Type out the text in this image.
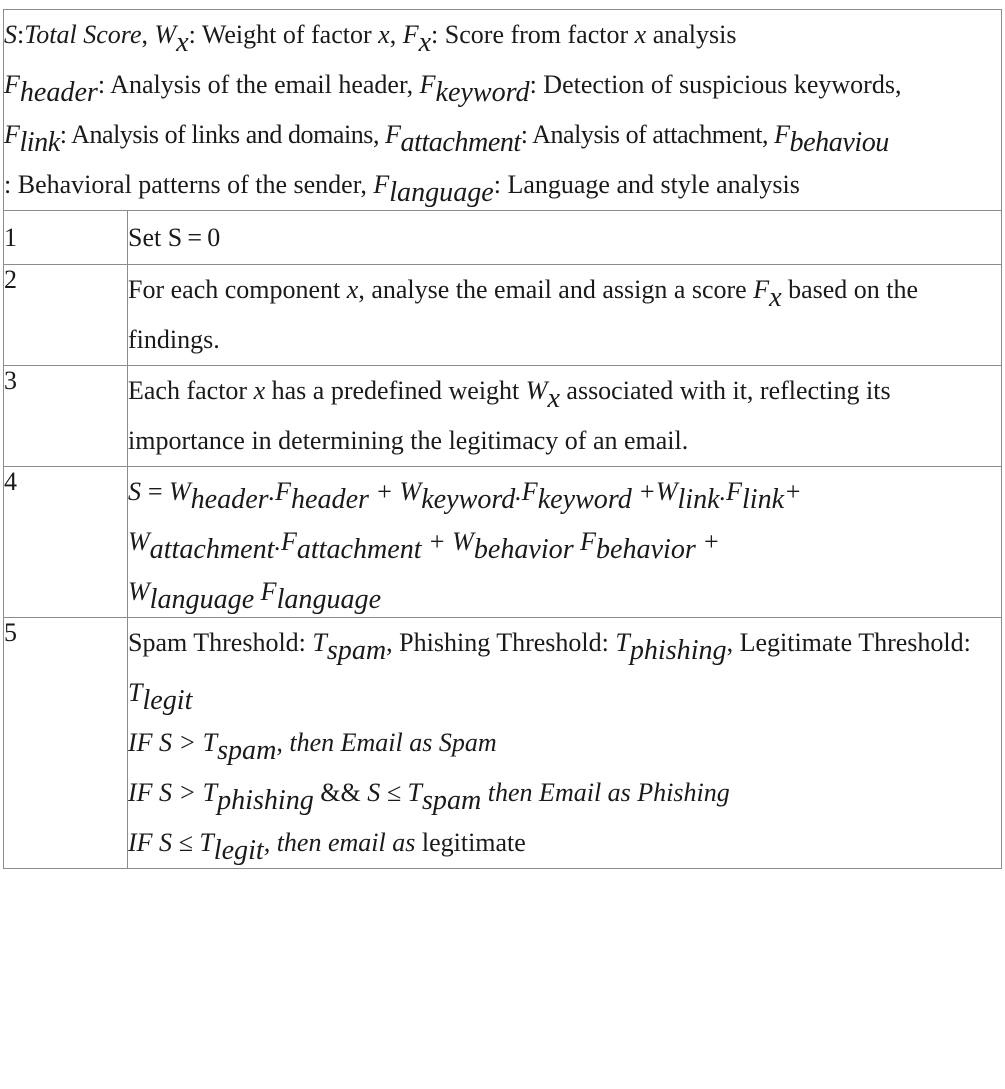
S:Total Score, $W_x$: Weight of factor x, $F_x$: Score from factor x analysis
$F_{header}$: Analysis of the email header, $F_{keyword}$: Detection of suspicious keywords,
$F_{link}$: Analysis of links and domains, $F_{attachment}$: Analysis of attachment, $F_{behaviou}$
: Behavioral patterns of the sender, $F_{language}$: Language and style analysis	
1	Set S = 0
2	For each component x, analyse the email and assign a score $F_x$ based on the findings.
3	Each factor x has a predefined weight $W_x$ associated with it, reflecting its importance in determining the legitimacy of an email.
4	$S = W_{header}.F_{header} + W_{keyword}.F_{keyword} +W_{link}.F_{link}+$
$W_{attachment}.F_{attachment} + W_{behavior}$ $F_{behavior}$ +
$W_{language}$ $F_{language}$
5	Spam Threshold: $T_{spam}$, Phishing Threshold: $T_{phishing}$, Legitimate Threshold: $T_{legit}$
IF $S > T_{spam}$, then Email as Spam
IF $S > T_{phishing}$ && $S \le T_{spam}$ then Email as Phishing
IF $S \le T_{legit}$, then email as legitimate
